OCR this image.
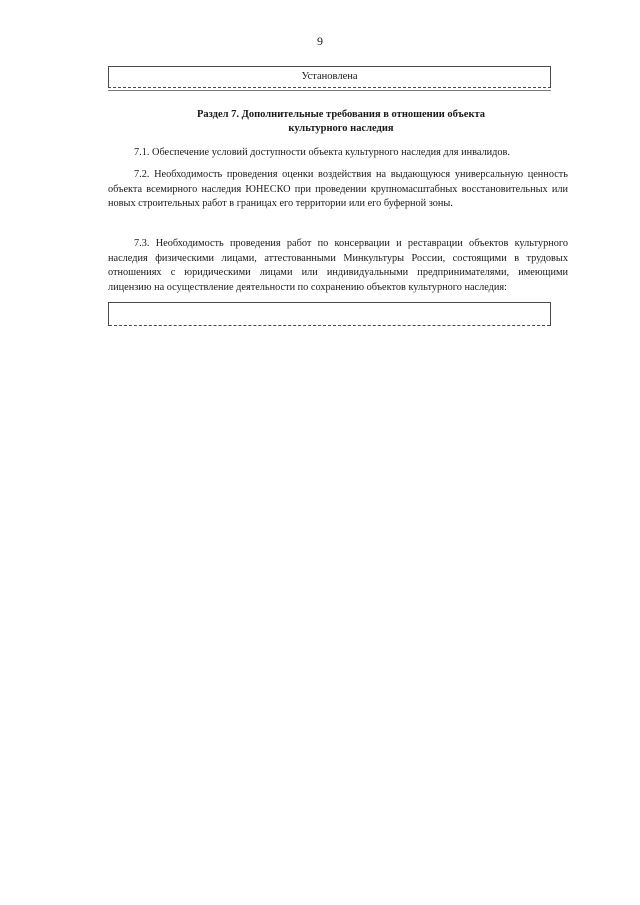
9
Установлена
Раздел 7. Дополнительные требования в отношении объекта
культурного наследия

7.1. Обеспечение условий доступности объекта культурного наследия для инвалидов.

7.2. Необходимость проведения оценки воздействия на выдающуюся универсальную ценность объекта всемирного наследия ЮНЕСКО при проведении крупномасштабных восстановительных или новых строительных работ в границах его территории или его буферной зоны.

7.3. Необходимость проведения работ по консервации и реставрации объектов культурного наследия физическими лицами, аттестованными Минкультуры России, состоящими в трудовых отношениях с юридическими лицами или индивидуальными предпринимателями, имеющими лицензию на осуществление деятельности по сохранению объектов культурного наследия:
